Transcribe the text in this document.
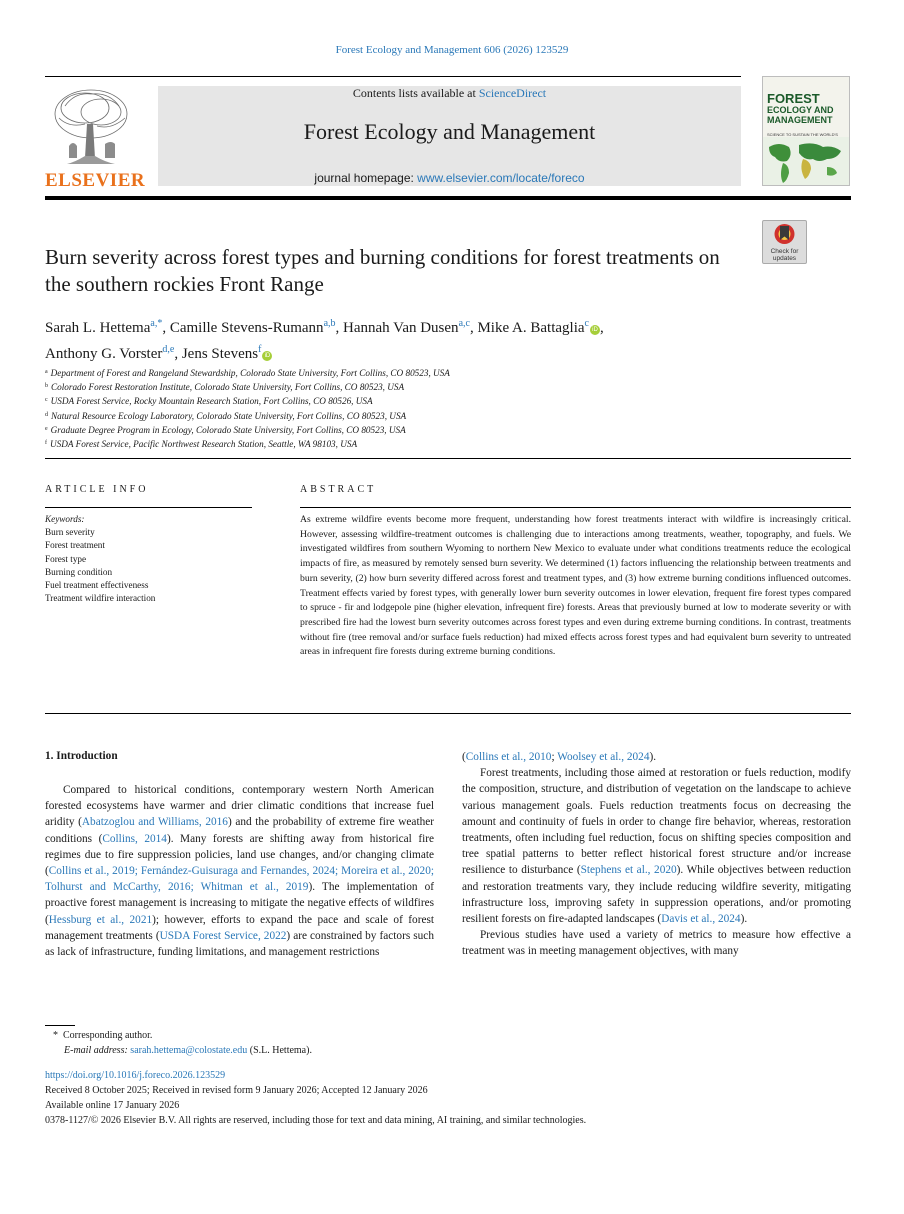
Forest Ecology and Management 606 (2026) 123529
ELSEVIER
Contents lists available at ScienceDirect
Forest Ecology and Management
journal homepage: www.elsevier.com/locate/foreco
FOREST
ECOLOGY AND
MANAGEMENT
SCIENCE TO SUSTAIN THE WORLD'S
Check for
updates
Burn severity across forest types and burning conditions for forest treatments on the southern rockies Front Range
Sarah L. Hettema$^{a,*}$, Camille Stevens-Rumann$^{a,b}$, Hannah Van Dusen$^{a,c}$, Mike A. Battaglia$^c$iD ,
Anthony G. Vorster$^{d,e}$, Jens Stevens$^f$iD
$^a$ Department of Forest and Rangeland Stewardship, Colorado State University, Fort Collins, CO 80523, USA
$^b$ Colorado Forest Restoration Institute, Colorado State University, Fort Collins, CO 80523, USA
$^c$ USDA Forest Service, Rocky Mountain Research Station, Fort Collins, CO 80526, USA
$^d$ Natural Resource Ecology Laboratory, Colorado State University, Fort Collins, CO 80523, USA
$^e$ Graduate Degree Program in Ecology, Colorado State University, Fort Collins, CO 80523, USA
$^f$ USDA Forest Service, Pacific Northwest Research Station, Seattle, WA 98103, USA
ARTICLE INFO
Keywords:
Burn severity
Forest treatment
Forest type
Burning condition
Fuel treatment effectiveness
Treatment wildfire interaction
ABSTRACT
As extreme wildfire events become more frequent, understanding how forest treatments interact with wildfire is increasingly critical. However, assessing wildfire-treatment outcomes is challenging due to interactions among treatments, weather, topography, and fuels. We investigated wildfires from southern Wyoming to northern New Mexico to evaluate under what conditions treatments reduce the ecological impacts of fire, as measured by remotely sensed burn severity. We determined (1) factors influencing the relationship between treatments and burn severity, (2) how burn severity differed across forest and treatment types, and (3) how extreme burning conditions influenced outcomes. Treatment effects varied by forest types, with generally lower burn severity outcomes in lower elevation, frequent fire forest types compared to spruce - fir and lodgepole pine (higher elevation, infrequent fire) forests. Areas that previously burned at low to moderate severity or with prescribed fire had the lowest burn severity outcomes across forest types and even during extreme burning conditions. In contrast, treatments without fire (tree removal and/or surface fuels reduction) had mixed effects across forest types and had equivalent burn severity to untreated areas in infrequent fire forests during extreme burning conditions.
1. Introduction

Compared to historical conditions, contemporary western North American forested ecosystems have warmer and drier climatic conditions that increase fuel aridity (Abatzoglou and Williams, 2016) and the probability of extreme fire weather conditions (Collins, 2014). Many forests are shifting away from historical fire regimes due to fire suppression policies, land use changes, and/or changing climate (Collins et al., 2019; Fernández-Guisuraga and Fernandes, 2024; Moreira et al., 2020; Tolhurst and McCarthy, 2016; Whitman et al., 2019). The implementation of proactive forest management is increasing to mitigate the negative effects of wildfires (Hessburg et al., 2021); however, efforts to expand the pace and scale of forest management treatments (USDA Forest Service, 2022) are constrained by factors such as lack of infrastructure, funding limitations, and management restrictions

(Collins et al., 2010; Woolsey et al., 2024).

Forest treatments, including those aimed at restoration or fuels reduction, modify the composition, structure, and distribution of vegetation on the landscape to achieve various management goals. Fuels reduction treatments focus on decreasing the amount and continuity of fuels in order to change fire behavior, whereas, restoration treatments, often including fuel reduction, focus on shifting species composition and tree spatial patterns to better reflect historical forest structure and/or increase resilience to disturbance (Stephens et al., 2020). While objectives between reduction and restoration treatments vary, they include reducing wildfire severity, mitigating infrastructure loss, improving safety in suppression operations, and/or promoting resilient forests on fire-adapted landscapes (Davis et al., 2024).

Previous studies have used a variety of metrics to measure how effective a treatment was in meeting management objectives, with many

* Corresponding author.
E-mail address: sarah.hettema@colostate.edu (S.L. Hettema).
https://doi.org/10.1016/j.foreco.2026.123529
Received 8 October 2025; Received in revised form 9 January 2026; Accepted 12 January 2026
Available online 17 January 2026
0378-1127/© 2026 Elsevier B.V. All rights are reserved, including those for text and data mining, AI training, and similar technologies.
